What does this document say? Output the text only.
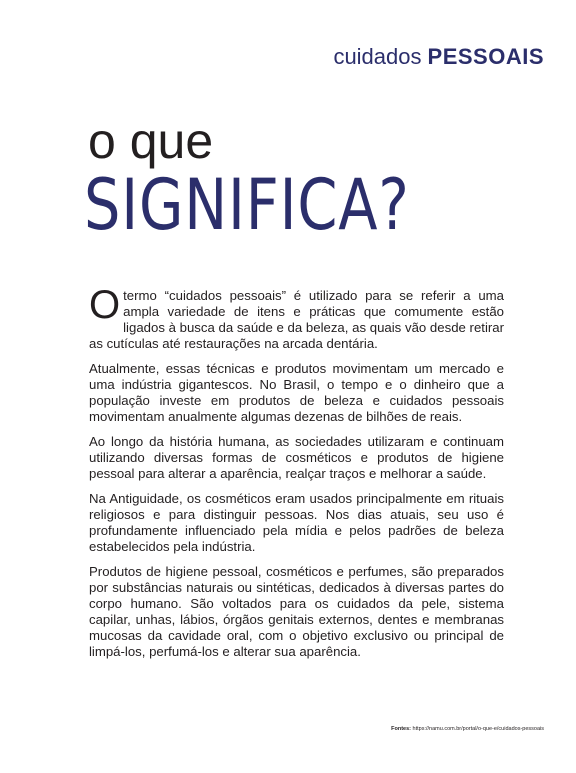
cuidados PESSOAIS
o que
SIGNIFICA?

Otermo “cuidados pessoais” é utilizado para se referir a uma ampla variedade de itens e práticas que comumente estão ligados à busca da saúde e da beleza, as quais vão desde retirar as cutículas até restaurações na arcada dentária.

Atualmente, essas técnicas e produtos movimentam um mercado e uma indústria gigantescos. No Brasil, o tempo e o dinheiro que a população investe em produtos de beleza e cuidados pessoais movimentam anualmente algumas dezenas de bilhões de reais.

Ao longo da história humana, as sociedades utilizaram e continuam utilizando diversas formas de cosméticos e produtos de higiene pessoal para alterar a aparência, realçar traços e melhorar a saúde.

Na Antiguidade, os cosméticos eram usados principalmente em rituais religiosos e para distinguir pessoas. Nos dias atuais, seu uso é profundamente influenciado pela mídia e pelos padrões de beleza estabelecidos pela indústria.

Produtos de higiene pessoal, cosméticos e perfumes, são preparados por substâncias naturais ou sintéticas, dedicados à diversas partes do corpo humano. São voltados para os cuidados da pele, sistema capilar, unhas, lábios, órgãos genitais externos, dentes e membranas mucosas da cavidade oral, com o objetivo exclusivo ou principal de limpá-los, perfumá-los e alterar sua aparência.

Fontes: https://namu.com.br/portal/o-que-e/cuidados-pessoais
